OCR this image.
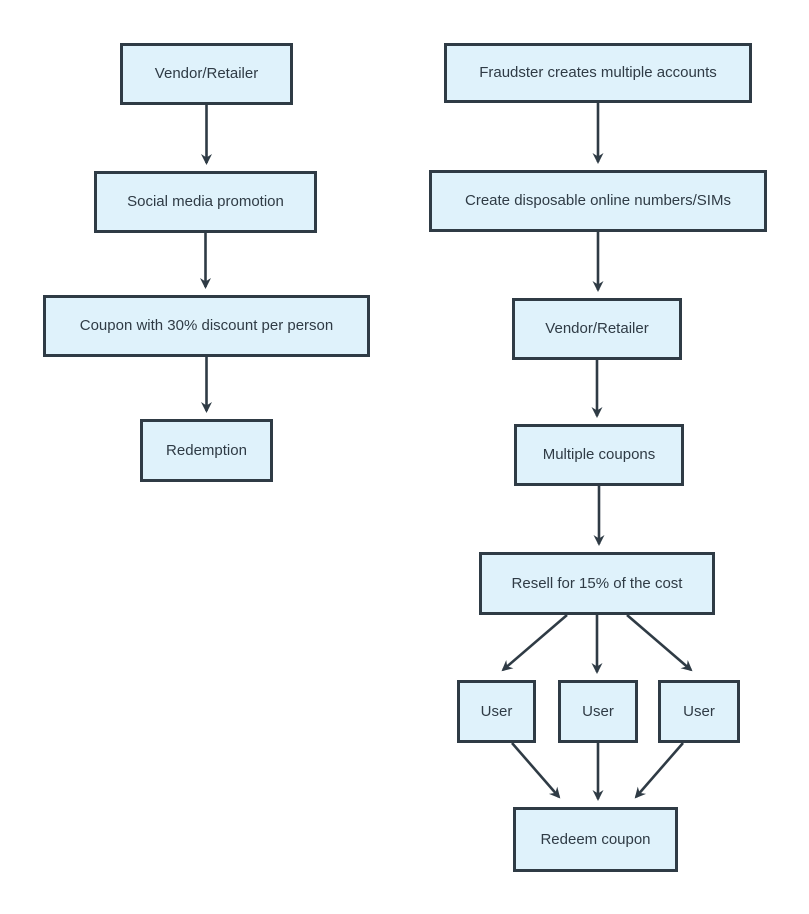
Vendor/Retailer
Social media promotion
Coupon with 30% discount per person
Redemption
Fraudster creates multiple accounts
Create disposable online numbers/SIMs
Vendor/Retailer
Multiple coupons
Resell for 15% of the cost
User	User	User
Redeem coupon
